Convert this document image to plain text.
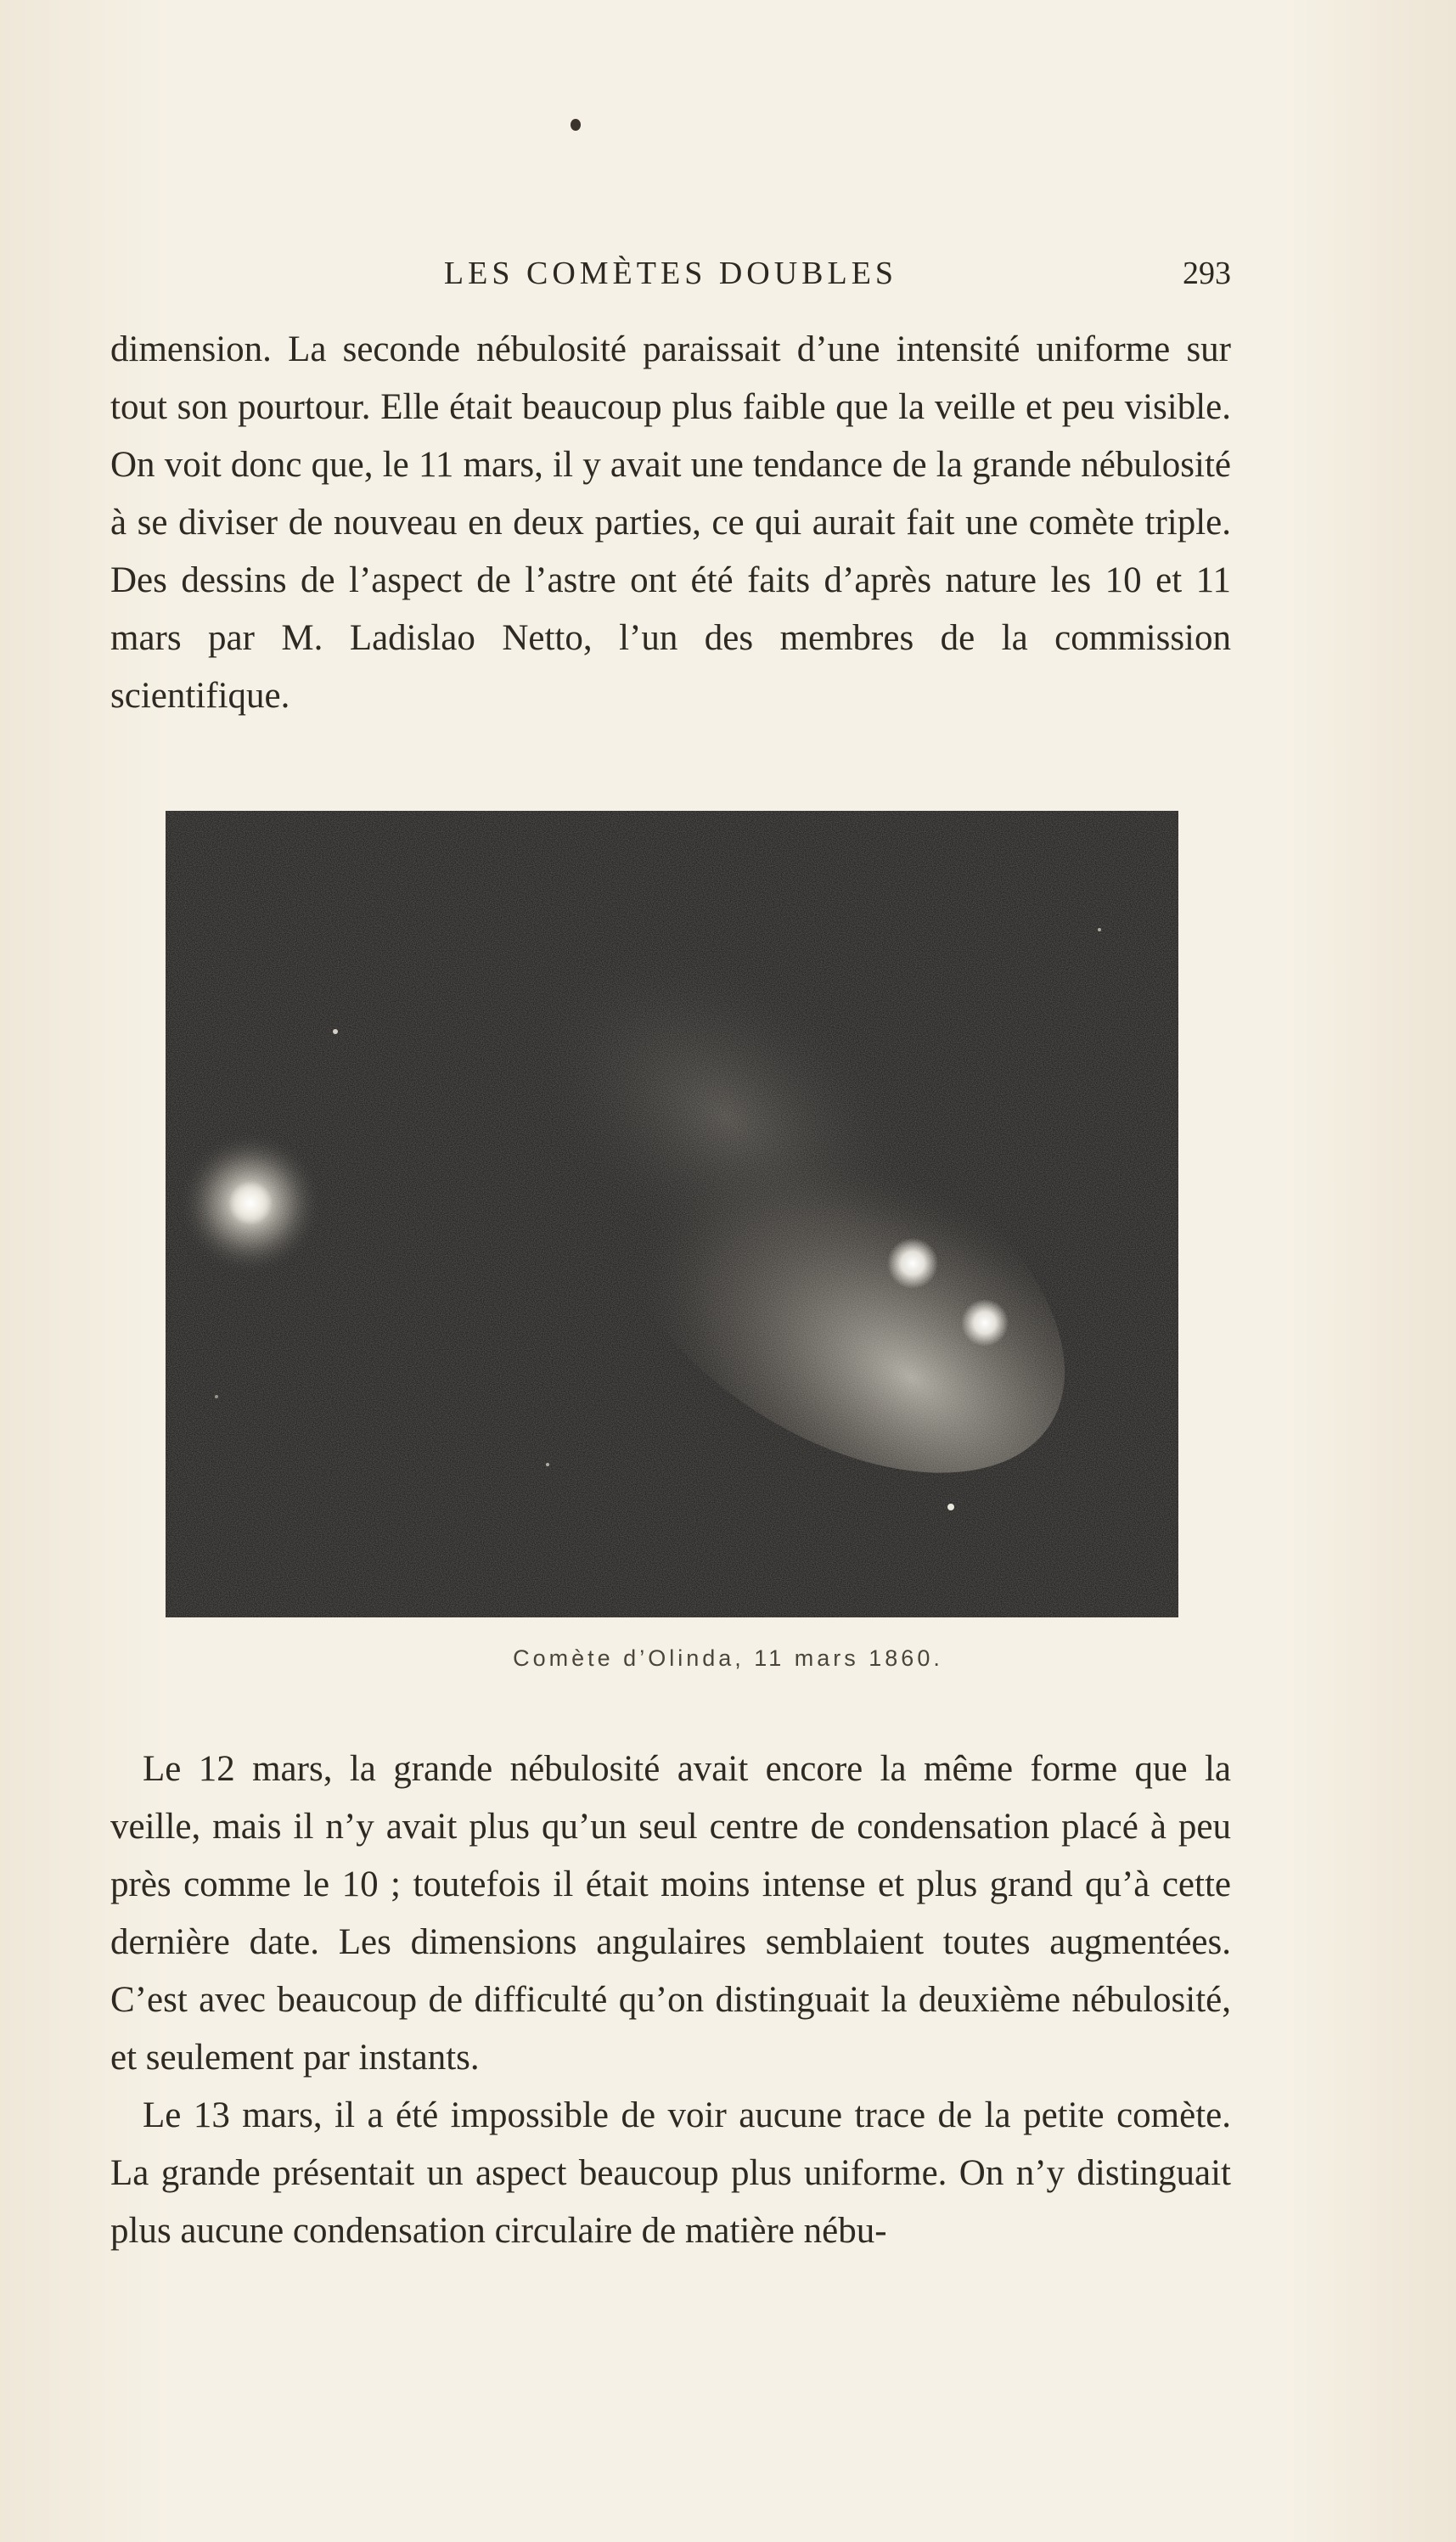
LES COMÈTES DOUBLES	293

dimension. La seconde nébulosité paraissait d’une intensité uniforme sur tout son pourtour. Elle était beaucoup plus faible que la veille et peu visible. On voit donc que, le 11 mars, il y avait une tendance de la grande nébulosité à se diviser de nouveau en deux parties, ce qui aurait fait une comète triple. Des dessins de l’aspect de l’astre ont été faits d’après nature les 10 et 11 mars par M. Ladislao Netto, l’un des membres de la commission scientifique.

Comète d’Olinda, 11 mars 1860.

Le 12 mars, la grande nébulosité avait encore la même forme que la veille, mais il n’y avait plus qu’un seul centre de condensation placé à peu près comme le 10 ; toutefois il était moins intense et plus grand qu’à cette dernière date. Les dimensions angulaires semblaient toutes augmentées. C’est avec beaucoup de difficulté qu’on distinguait la deuxième nébulosité, et seulement par instants.

Le 13 mars, il a été impossible de voir aucune trace de la petite comète. La grande présentait un aspect beaucoup plus uniforme. On n’y distinguait plus aucune condensation circulaire de matière nébu-
